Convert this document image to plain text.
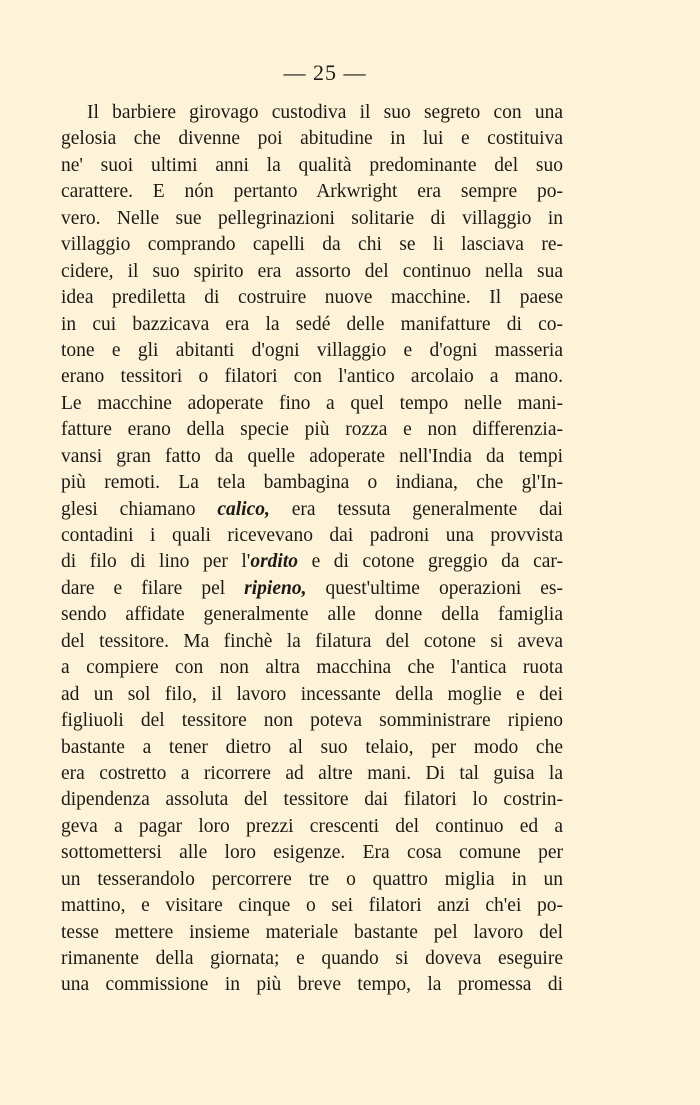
— 25 —
Il barbiere girovago custodiva il suo segreto con una
gelosia che divenne poi abitudine in lui e costituiva
ne' suoi ultimi anni la qualità predominante del suo
carattere. E nón pertanto Arkwright era sempre po-
vero. Nelle sue pellegrinazioni solitarie di villaggio in
villaggio comprando capelli da chi se li lasciava re-
cidere, il suo spirito era assorto del continuo nella sua
idea prediletta di costruire nuove macchine. Il paese
in cui bazzicava era la sedé delle manifatture di co-
tone e gli abitanti d'ogni villaggio e d'ogni masseria
erano tessitori o filatori con l'antico arcolaio a mano.
Le macchine adoperate fino a quel tempo nelle mani-
fatture erano della specie più rozza e non differenzia-
vansi gran fatto da quelle adoperate nell'India da tempi
più remoti. La tela bambagina o indiana, che gl'In-
glesi chiamano calico, era tessuta generalmente dai
contadini i quali ricevevano dai padroni una provvista
di filo di lino per l'ordito e di cotone greggio da car-
dare e filare pel ripieno, quest'ultime operazioni es-
sendo affidate generalmente alle donne della famiglia
del tessitore. Ma finchè la filatura del cotone si aveva
a compiere con non altra macchina che l'antica ruota
ad un sol filo, il lavoro incessante della moglie e dei
figliuoli del tessitore non poteva somministrare ripieno
bastante a tener dietro al suo telaio, per modo che
era costretto a ricorrere ad altre mani. Di tal guisa la
dipendenza assoluta del tessitore dai filatori lo costrin-
geva a pagar loro prezzi crescenti del continuo ed a
sottomettersi alle loro esigenze. Era cosa comune per
un tesserandolo percorrere tre o quattro miglia in un
mattino, e visitare cinque o sei filatori anzi ch'ei po-
tesse mettere insieme materiale bastante pel lavoro del
rimanente della giornata; e quando si doveva eseguire
una commissione in più breve tempo, la promessa di
